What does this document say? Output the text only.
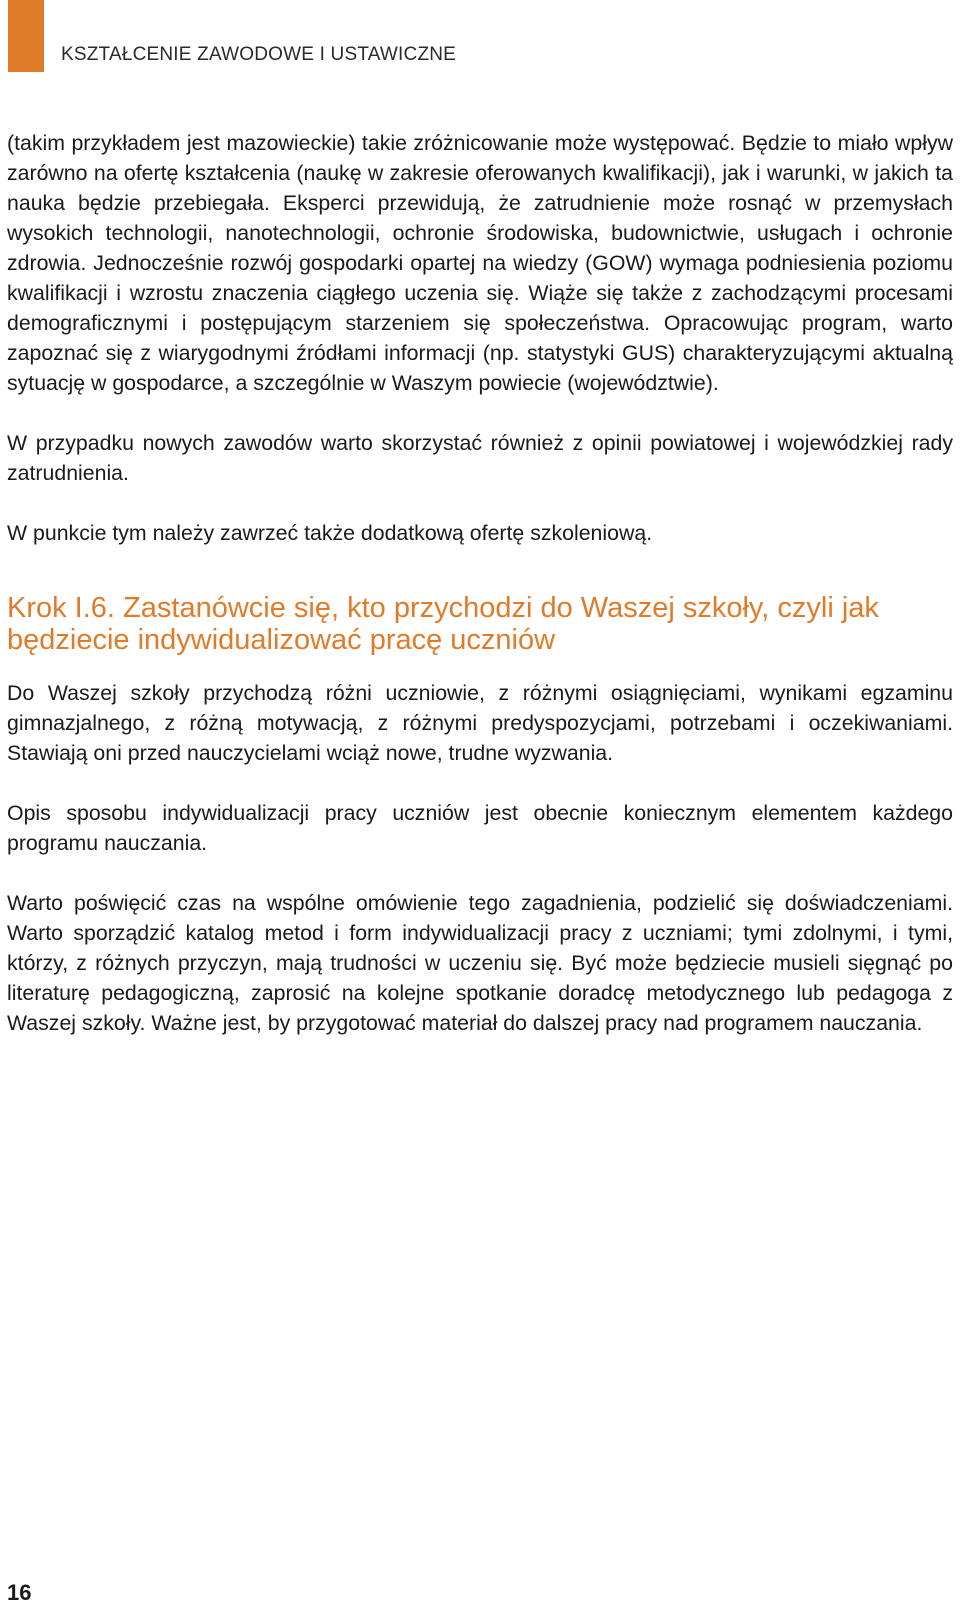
KSZTAŁCENIE ZAWODOWE I USTAWICZNE

(takim przykładem jest mazowieckie) takie zróżnicowanie może występować. Będzie to miało wpływ zarówno na ofertę kształcenia (naukę w zakresie oferowanych kwalifikacji), jak i warunki, w jakich ta nauka będzie przebiegała. Eksperci przewidują, że zatrudnienie może rosnąć w przemysłach wysokich technologii, nanotechnologii, ochronie środowiska, budownictwie, usługach i ochronie zdrowia. Jednocześnie rozwój gospodarki opartej na wiedzy (GOW) wymaga podniesienia poziomu kwalifikacji i wzrostu znaczenia ciągłego uczenia się. Wiąże się także z zachodzącymi procesami demograficznymi i postępującym starzeniem się społeczeństwa. Opracowując program, warto zapoznać się z wiarygodnymi źródłami informacji (np. statystyki GUS) charakteryzującymi aktualną sytuację w gospodarce, a szczególnie w Waszym powiecie (województwie).

W przypadku nowych zawodów warto skorzystać również z opinii powiatowej i wojewódzkiej rady zatrudnienia.

W punkcie tym należy zawrzeć także dodatkową ofertę szkoleniową.

Krok I.6. Zastanówcie się, kto przychodzi do Waszej szkoły, czyli jak będziecie indywidualizować pracę uczniów

Do Waszej szkoły przychodzą różni uczniowie, z różnymi osiągnięciami, wynikami egzaminu gimnazjalnego, z różną motywacją, z różnymi predyspozycjami, potrzebami i oczekiwaniami. Stawiają oni przed nauczycielami wciąż nowe, trudne wyzwania.

Opis sposobu indywidualizacji pracy uczniów jest obecnie koniecznym elementem każdego programu nauczania.

Warto poświęcić czas na wspólne omówienie tego zagadnienia, podzielić się doświadczeniami. Warto sporządzić katalog metod i form indywidualizacji pracy z uczniami; tymi zdolnymi, i tymi, którzy, z różnych przyczyn, mają trudności w uczeniu się. Być może będziecie musieli sięgnąć po literaturę pedagogiczną, zaprosić na kolejne spotkanie doradcę metodycznego lub pedagoga z Waszej szkoły. Ważne jest, by przygotować materiał do dalszej pracy nad programem nauczania.

16
